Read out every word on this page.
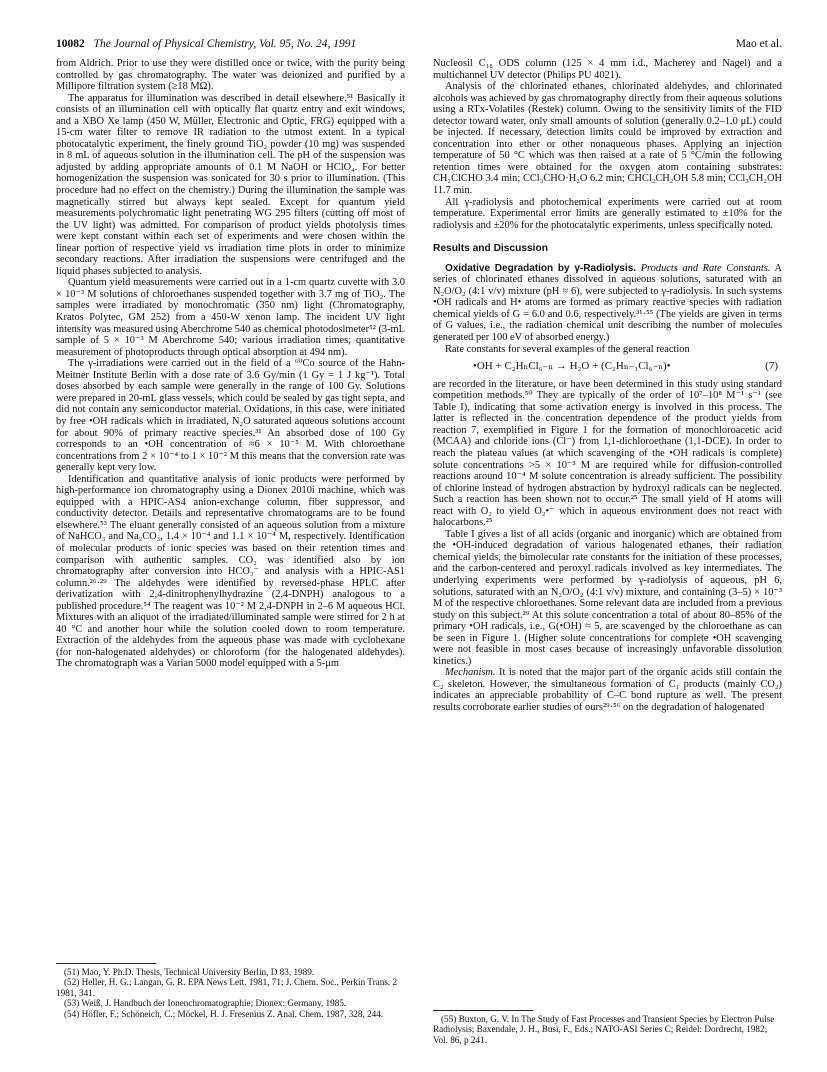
10082 The Journal of Physical Chemistry, Vol. 95, No. 24, 1991	Mao et al.

from Aldrich. Prior to use they were distilled once or twice, with the purity being controlled by gas chromatography. The water was deionized and purified by a Millipore filtration system (≥18 MΩ).

The apparatus for illumination was described in detail elsewhere.⁵¹ Basically it consists of an illumination cell with optically flat quartz entry and exit windows, and a XBO Xe lamp (450 W, Müller, Electronic and Optic, FRG) equipped with a 15-cm water filter to remove IR radiation to the utmost extent. In a typical photocatalytic experiment, the finely ground TiO₂ powder (10 mg) was suspended in 8 mL of aqueous solution in the illumination cell. The pH of the suspension was adjusted by adding appropriate amounts of 0.1 M NaOH or HClO₄. For better homogenization the suspension was sonicated for 30 s prior to illumination. (This procedure had no effect on the chemistry.) During the illumination the sample was magnetically stirred but always kept sealed. Except for quantum yield measurements polychromatic light penetrating WG 295 filters (cutting off most of the UV light) was admitted. For comparison of product yields photolysis times were kept constant within each set of experiments and were chosen within the linear portion of respective yield vs irradiation time plots in order to minimize secondary reactions. After irradiation the suspensions were centrifuged and the liquid phases subjected to analysis.

Quantum yield measurements were carried out in a 1-cm quartz cuvette with 3.0 × 10⁻³ M solutions of chloroethanes suspended together with 3.7 mg of TiO₂. The samples were irradiated by monochromatic (350 nm) light (Chromatography, Kratos Polytec, GM 252) from a 450-W xenon lamp. The incident UV light intensity was measured using Aberchrome 540 as chemical photodosimeter⁵² (3-mL sample of 5 × 10⁻³ M Aberchrome 540; various irradiation times; quantitative measurement of photoproducts through optical absorption at 494 nm).

The γ-irradiations were carried out in the field of a ⁶⁰Co source of the Hahn-Meitner Institute Berlin with a dose rate of 3.6 Gy/min (1 Gy = 1 J kg⁻¹). Total doses absorbed by each sample were generally in the range of 100 Gy. Solutions were prepared in 20-mL glass vessels, which could be sealed by gas tight septa, and did not contain any semiconductor material. Oxidations, in this case, were initiated by free •OH radicals which in irradiated, N₂O saturated aqueous solutions account for about 90% of primary reactive species.³¹ An absorbed dose of 100 Gy corresponds to an •OH concentration of ≈6 × 10⁻⁵ M. With chloroethane concentrations from 2 × 10⁻⁴ to 1 × 10⁻² M this means that the conversion rate was generally kept very low.

Identification and quantitative analysis of ionic products were performed by high-performance ion chromatography using a Dionex 2010i machine, which was equipped with a HPIC-AS4 anion-exchange column, fiber suppressor, and conductivity detector. Details and representative chromatograms are to be found elsewhere.⁵³ The eluant generally consisted of an aqueous solution from a mixture of NaHCO₃ and Na₂CO₃, 1.4 × 10⁻⁴ and 1.1 × 10⁻⁴ M, respectively. Identification of molecular products of ionic species was based on their retention times and comparison with authentic samples. CO₂ was identified also by ion chromatography after conversion into HCO₃⁻ and analysis with a HPIC-AS1 column.²⁶·²⁹ The aldehydes were identified by reversed-phase HPLC after derivatization with 2,4-dinitrophenylhydrazine (2,4-DNPH) analogous to a published procedure.⁵⁴ The reagent was 10⁻² M 2,4-DNPH in 2–6 M aqueous HCl. Mixtures with an aliquot of the irradiated/illuminated sample were stirred for 2 h at 40 °C and another hour while the solution cooled down to room temperature. Extraction of the aldehydes from the aqueous phase was made with cyclohexane (for non-halogenated aldehydes) or chloroform (for the halogenated aldehydes). The chromatograph was a Varian 5000 model equipped with a 5-μm

(51) Mao, Y. Ph.D. Thesis, Technical University Berlin, D 83, 1989.
(52) Heller, H. G.; Langan, G. R. EPA News Lett. 1981, 71; J. Chem. Soc., Perkin Trans. 2 1981, 341.
(53) Weiß, J. Handbuch der Ionenchromatographie; Dionex: Germany, 1985.
(54) Höfler, F.; Schöneich, C.; Möckel, H. J. Fresenius Z. Anal. Chem. 1987, 328, 244.

Nucleosil C₁₈ ODS column (125 × 4 mm i.d., Macherey and Nagel) and a multichannel UV detector (Philips PU 4021).

Analysis of the chlorinated ethanes, chlorinated aldehydes, and chlorinated alcohols was achieved by gas chromatography directly from their aqueous solutions using a RTx-Volatiles (Restek) column. Owing to the sensitivity limits of the FID detector toward water, only small amounts of solution (generally 0.2–1.0 μL) could be injected. If necessary, detection limits could be improved by extraction and concentration into ether or other nonaqueous phases. Applying an injection temperature of 50 °C which was then raised at a rate of 5 °C/min the following retention times were obtained for the oxygen atom containing substrates: CH₂ClCHO 3.4 min; CCl₃CHO·H₂O 6.2 min; CHCl₂CH₂OH 5.8 min; CCl₃CH₂OH 11.7 min.

All γ-radiolysis and photochemical experiments were carried out at room temperature. Experimental error limits are generally estimated to ±10% for the radiolysis and ±20% for the photocatalytic experiments, unless specifically noted.

Results and Discussion

Oxidative Degradation by γ-Radiolysis. Products and Rate Constants. A series of chlorinated ethanes dissolved in aqueous solutions, saturated with an N₂O/O₂ (4:1 v/v) mixture (pH ≈ 6), were subjected to γ-radiolysis. In such systems •OH radicals and H• atoms are formed as primary reactive species with radiation chemical yields of G = 6.0 and 0.6, respectively.³¹·⁵⁵ (The yields are given in terms of G values, i.e., the radiation chemical unit describing the number of molecules generated per 100 eV of absorbed energy.)

Rate constants for several examples of the general reaction

•OH + C₂HₙCl₆₋ₙ → H₂O + (C₂Hₙ₋₁Cl₆₋ₙ)•	(7)

are recorded in the literature, or have been determined in this study using standard competition methods.⁵⁰ They are typically of the order of 10⁷–10⁸ M⁻¹ s⁻¹ (see Table I), indicating that some activation energy is involved in this process. The latter is reflected in the concentration dependence of the product yields from reaction 7, exemplified in Figure 1 for the formation of monochloroacetic acid (MCAA) and chloride ions (Cl⁻) from 1,1-dichloroethane (1,1-DCE). In order to reach the plateau values (at which scavenging of the •OH radicals is complete) solute concentrations >5 × 10⁻³ M are required while for diffusion-controlled reactions around 10⁻⁴ M solute concentration is already sufficient. The possibility of chlorine instead of hydrogen abstraction by hydroxyl radicals can be neglected. Such a reaction has been shown not to occur.²⁵ The small yield of H atoms will react with O₂ to yield O₂•⁻ which in aqueous environment does not react with halocarbons.²⁵

Table I gives a list of all acids (organic and inorganic) which are obtained from the •OH-induced degradation of various halogenated ethanes, their radiation chemical yields, the bimolecular rate constants for the initiation of these processes, and the carbon-centered and peroxyl radicals involved as key intermediates. The underlying experiments were performed by γ-radiolysis of aqueous, pH 6, solutions, saturated with an N₂O/O₂ (4:1 v/v) mixture, and containing (3–5) × 10⁻³ M of the respective chloroethanes. Some relevant data are included from a previous study on this subject.²⁹ At this solute concentration a total of about 80–85% of the primary •OH radicals, i.e., G(•OH) ≈ 5, are scavenged by the chloroethane as can be seen in Figure 1. (Higher solute concentrations for complete •OH scavenging were not feasible in most cases because of increasingly unfavorable dissolution kinetics.)

Mechanism. It is noted that the major part of the organic acids still contain the C₂ skeleton. However, the simultaneous formation of C₁ products (mainly CO₂) indicates an appreciable probability of C–C bond rupture as well. The present results corroborate earlier studies of ours²⁹·⁵⁶ on the degradation of halogenated

(55) Buxton, G. V. In The Study of Fast Processes and Transient Species by Electron Pulse Radiolysis; Baxendale, J. H., Busi, F., Eds.; NATO-ASI Series C; Reidel: Dordrecht, 1982; Vol. 86, p 241.
